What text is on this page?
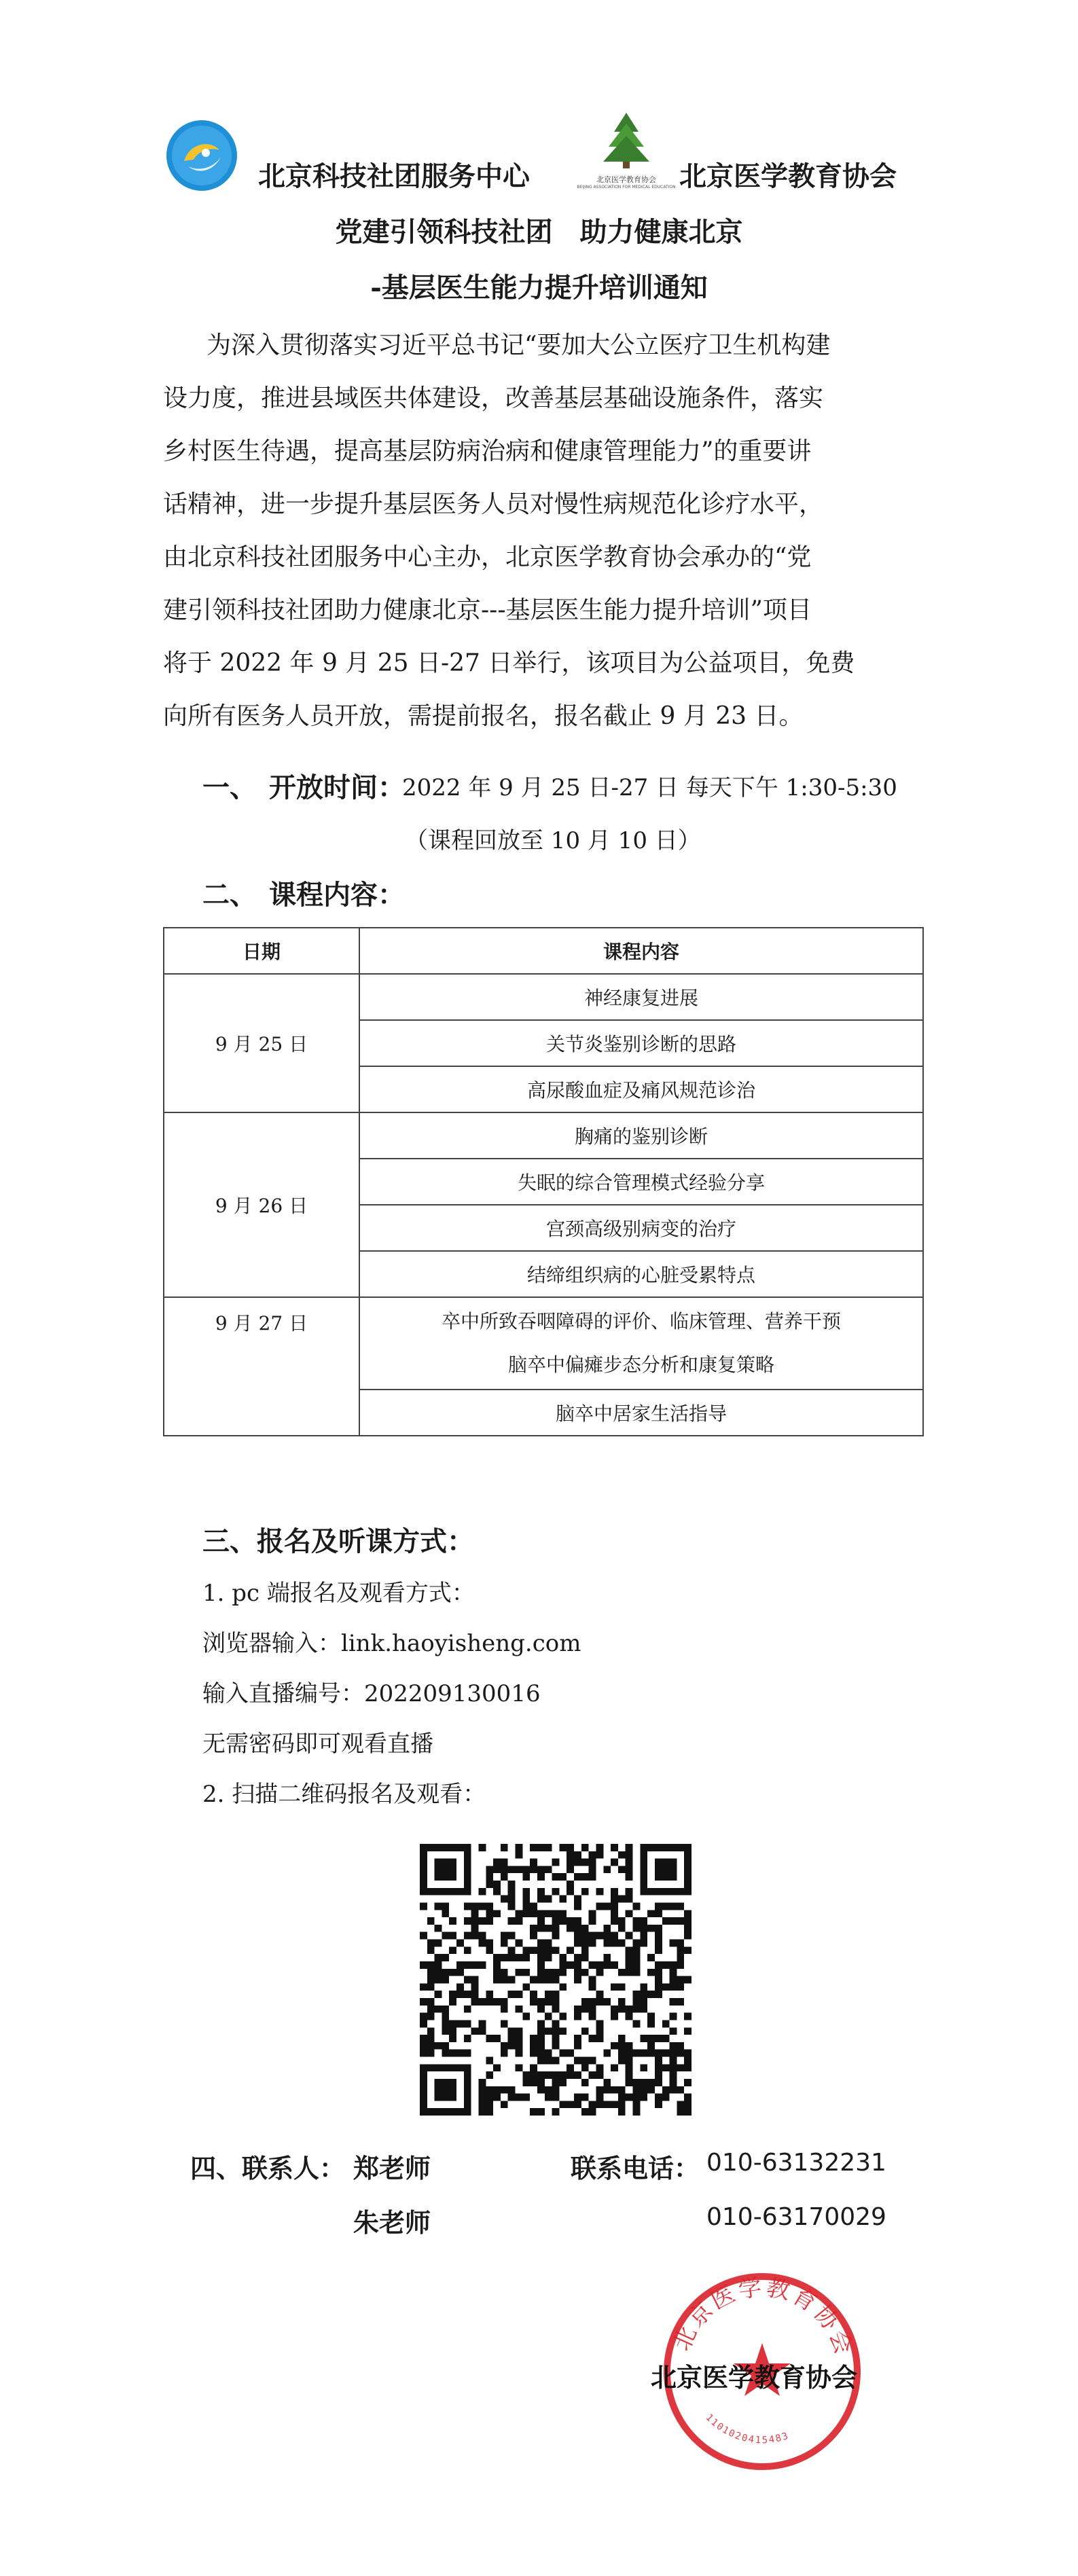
北京科技社团服务中心	北京医学教育协会
BEIJING ASSOCIATION FOR MEDICAL EDUCATION 北京医学教育协会
党建引领科技社团　助力健康北京
-基层医生能力提升培训通知
为深入贯彻落实习近平总书记“要加大公立医疗卫生机构建
设力度，推进县域医共体建设，改善基层基础设施条件，落实
乡村医生待遇，提高基层防病治病和健康管理能力”的重要讲
话精神，进一步提升基层医务人员对慢性病规范化诊疗水平，
由北京科技社团服务中心主办，北京医学教育协会承办的“党
建引领科技社团助力健康北京---基层医生能力提升培训”项目
将于 2022 年 9 月 25 日-27 日举行，该项目为公益项目，免费
向所有医务人员开放，需提前报名，报名截止 9 月 23 日。
一、 开放时间：
2022 年 9 月 25 日-27 日 每天下午 1:30-5:30
（课程回放至 10 月 10 日）
二、 课程内容：
日期	课程内容
9 月 25 日	神经康复进展
	关节炎鉴别诊断的思路
	高尿酸血症及痛风规范诊治
9 月 26 日	胸痛的鉴别诊断
	失眠的综合管理模式经验分享
	宫颈高级别病变的治疗
	结缔组织病的心脏受累特点
9 月 27 日	卒中所致吞咽障碍的评价、临床管理、营养干预
脑卒中偏瘫步态分析和康复策略

	脑卒中居家生活指导
三、报名及听课方式：
1. pc 端报名及观看方式：
浏览器输入：link.haoyisheng.com
输入直播编号：202209130016
无需密码即可观看直播
2. 扫描二维码报名及观看：
四、联系人： 郑老师	联系电话： 010-63132231
朱老师	010-63170029
北京医学教育协会
1101020415483
北京医学教育协会
